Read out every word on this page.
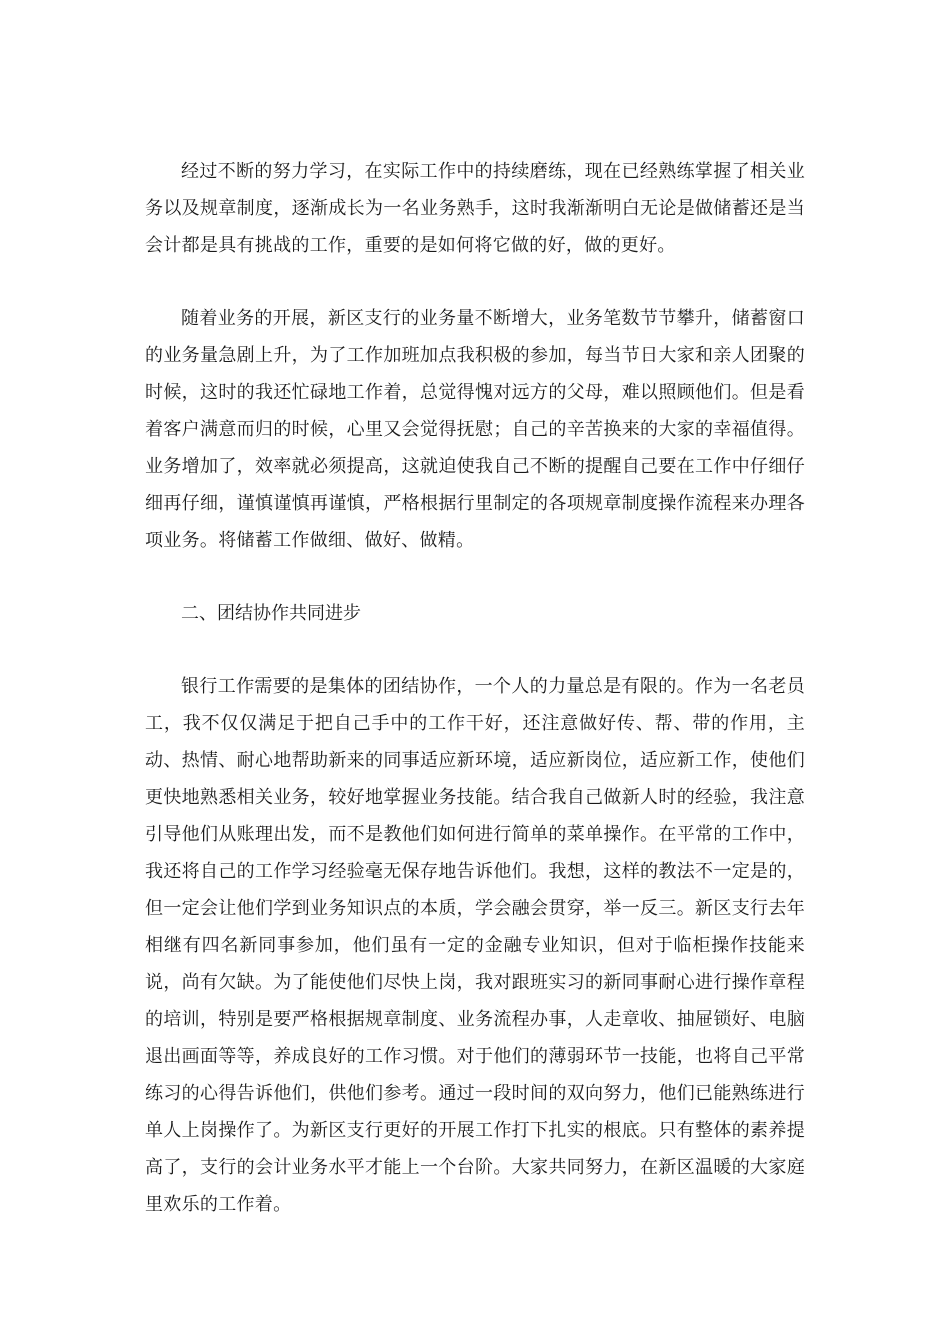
经过不断的努力学习，在实际工作中的持续磨练，现在已经熟练掌握了相关业务以及规章制度，逐渐成长为一名业务熟手，这时我渐渐明白无论是做储蓄还是当会计都是具有挑战的工作，重要的是如何将它做的好，做的更好。

随着业务的开展，新区支行的业务量不断增大，业务笔数节节攀升，储蓄窗口的业务量急剧上升，为了工作加班加点我积极的参加，每当节日大家和亲人团聚的时候，这时的我还忙碌地工作着，总觉得愧对远方的父母，难以照顾他们。但是看着客户满意而归的时候，心里又会觉得抚慰；自己的辛苦换来的大家的幸福值得。业务增加了，效率就必须提高，这就迫使我自己不断的提醒自己要在工作中仔细仔细再仔细，谨慎谨慎再谨慎，严格根据行里制定的各项规章制度操作流程来办理各项业务。将储蓄工作做细、做好、做精。

二、团结协作共同进步

银行工作需要的是集体的团结协作，一个人的力量总是有限的。作为一名老员工，我不仅仅满足于把自己手中的工作干好，还注意做好传、帮、带的作用，主动、热情、耐心地帮助新来的同事适应新环境，适应新岗位，适应新工作，使他们更快地熟悉相关业务，较好地掌握业务技能。结合我自己做新人时的经验，我注意引导他们从账理出发，而不是教他们如何进行简单的菜单操作。在平常的工作中，我还将自己的工作学习经验毫无保存地告诉他们。我想，这样的教法不一定是的，但一定会让他们学到业务知识点的本质，学会融会贯穿，举一反三。新区支行去年相继有四名新同事参加，他们虽有一定的金融专业知识，但对于临柜操作技能来说，尚有欠缺。为了能使他们尽快上岗，我对跟班实习的新同事耐心进行操作章程的培训，特别是要严格根据规章制度、业务流程办事，人走章收、抽屉锁好、电脑退出画面等等，养成良好的工作习惯。对于他们的薄弱环节一技能，也将自己平常练习的心得告诉他们，供他们参考。通过一段时间的双向努力，他们已能熟练进行单人上岗操作了。为新区支行更好的开展工作打下扎实的根底。只有整体的素养提高了，支行的会计业务水平才能上一个台阶。大家共同努力，在新区温暖的大家庭里欢乐的工作着。
